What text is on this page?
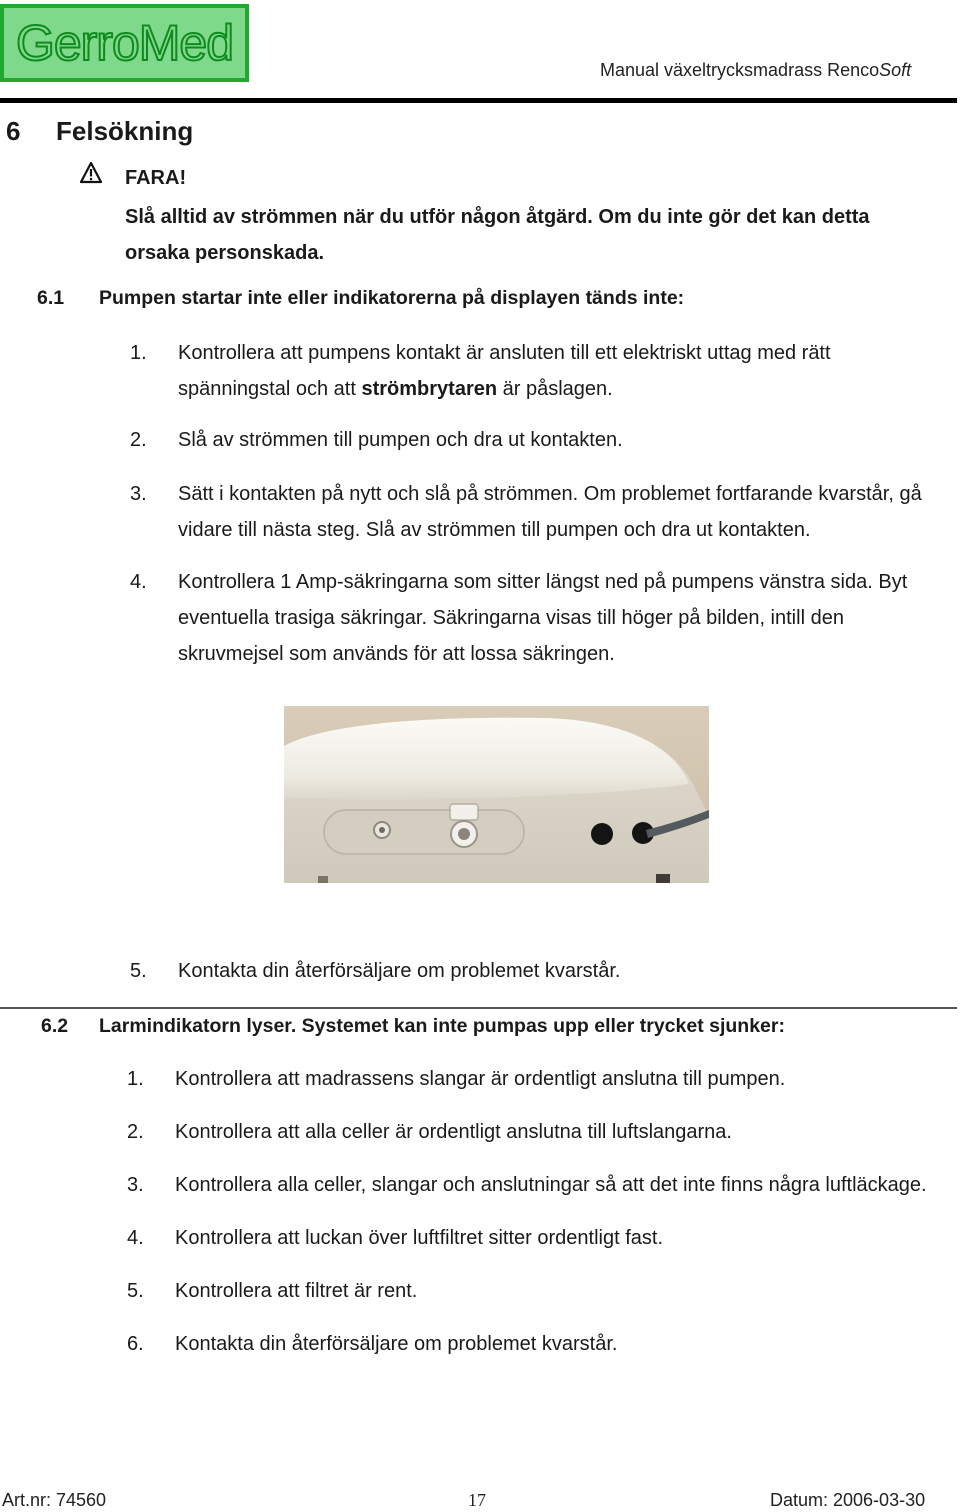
GerroMed	Manual växeltrycksmadrass RencoSoft
6 Felsökning
FARA!
Slå alltid av strömmen när du utför någon åtgärd. Om du inte gör det kan detta orsaka personskada.
6.1 Pumpen startar inte eller indikatorerna på displayen tänds inte:
1. Kontrollera att pumpens kontakt är ansluten till ett elektriskt uttag med rätt spänningstal och att strömbrytaren är påslagen.
2. Slå av strömmen till pumpen och dra ut kontakten.
3. Sätt i kontakten på nytt och slå på strömmen. Om problemet fortfarande kvarstår, gå vidare till nästa steg. Slå av strömmen till pumpen och dra ut kontakten.
4. Kontrollera 1 Amp-säkringarna som sitter längst ned på pumpens vänstra sida. Byt eventuella trasiga säkringar. Säkringarna visas till höger på bilden, intill den skruvmejsel som används för att lossa säkringen.
5. Kontakta din återförsäljare om problemet kvarstår.
6.2 Larmindikatorn lyser. Systemet kan inte pumpas upp eller trycket sjunker:
1. Kontrollera att madrassens slangar är ordentligt anslutna till pumpen.
2. Kontrollera att alla celler är ordentligt anslutna till luftslangarna.
3. Kontrollera alla celler, slangar och anslutningar så att det inte finns några luftläckage.
4. Kontrollera att luckan över luftfiltret sitter ordentligt fast.
5. Kontrollera att filtret är rent.
6. Kontakta din återförsäljare om problemet kvarstår.
Art.nr: 74560	17	Datum: 2006-03-30
